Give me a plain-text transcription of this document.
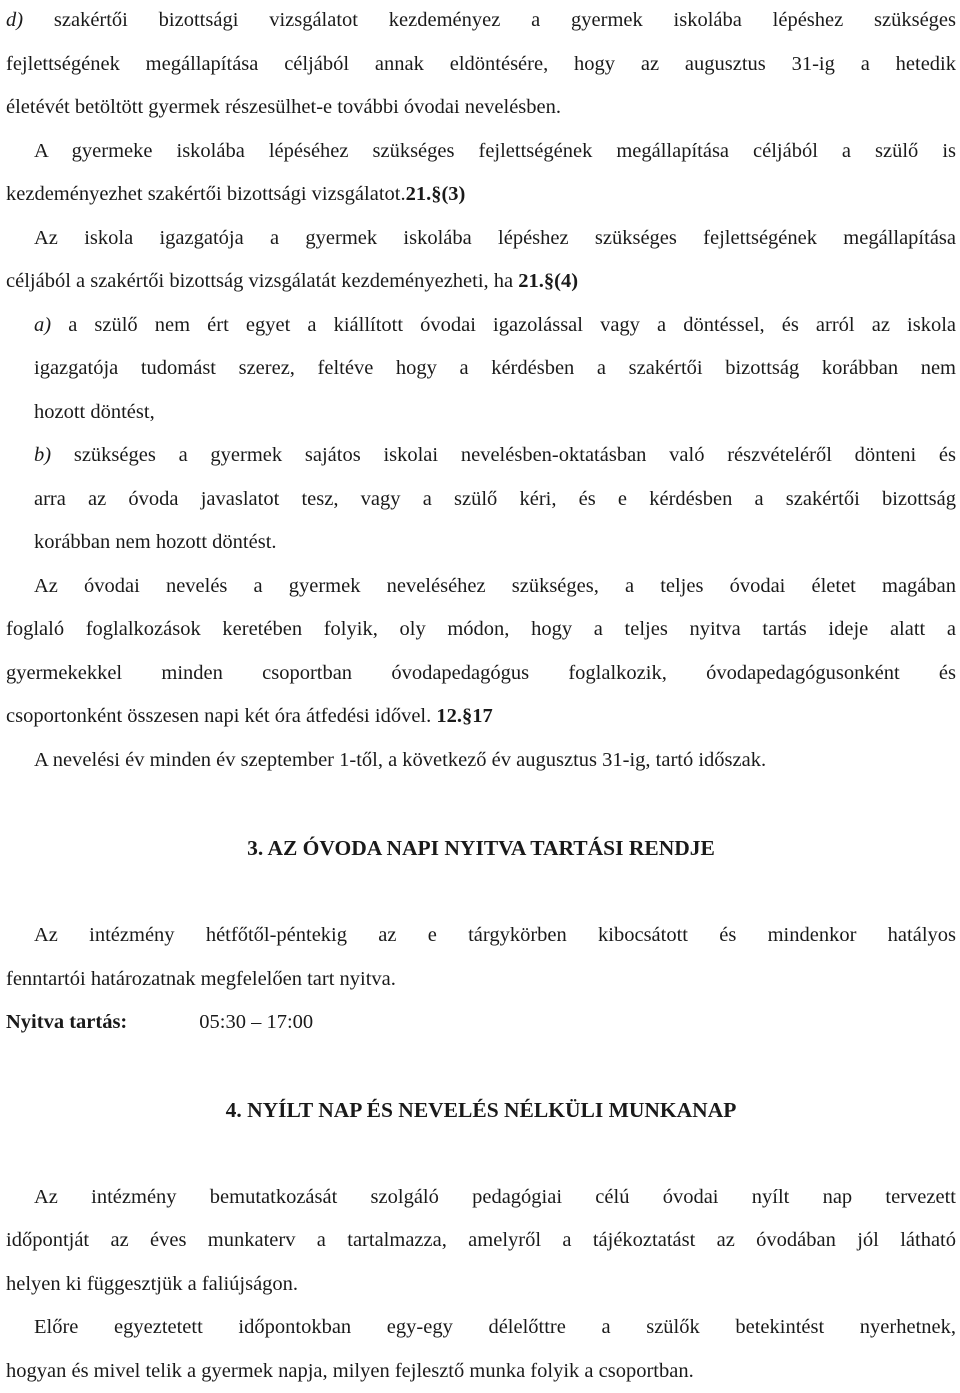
d) szakértői bizottsági vizsgálatot kezdeményez a gyermek iskolába lépéshez szükséges
fejlettségének megállapítása céljából annak eldöntésére, hogy az augusztus 31-ig a hetedik
életévét betöltött gyermek részesülhet-e további óvodai nevelésben.

A gyermeke iskolába lépéséhez szükséges fejlettségének megállapítása céljából a szülő is
kezdeményezhet szakértői bizottsági vizsgálatot.21.§(3)

Az iskola igazgatója a gyermek iskolába lépéshez szükséges fejlettségének megállapítása
céljából a szakértői bizottság vizsgálatát kezdeményezheti, ha 21.§(4)

a) a szülő nem ért egyet a kiállított óvodai igazolással vagy a döntéssel, és arról az iskola
igazgatója tudomást szerez, feltéve hogy a kérdésben a szakértői bizottság korábban nem
hozott döntést,

b) szükséges a gyermek sajátos iskolai nevelésben-oktatásban való részvételéről dönteni és
arra az óvoda javaslatot tesz, vagy a szülő kéri, és e kérdésben a szakértői bizottság
korábban nem hozott döntést.

Az óvodai nevelés a gyermek neveléséhez szükséges, a teljes óvodai életet magában
foglaló foglalkozások keretében folyik, oly módon, hogy a teljes nyitva tartás ideje alatt a
gyermekekkel minden csoportban óvodapedagógus foglalkozik, óvodapedagógusonként és
csoportonként összesen napi két óra átfedési idővel. 12.§17

A nevelési év minden év szeptember 1-től, a következő év augusztus 31-ig, tartó időszak.

3. AZ ÓVODA NAPI NYITVA TARTÁSI RENDJE

Az intézmény hétfőtől-péntekig az e tárgykörben kibocsátott és mindenkor hatályos
fenntartói határozatnak megfelelően tart nyitva.

Nyitva tartás:	05:30 – 17:00
4. NYÍLT NAP ÉS NEVELÉS NÉLKÜLI MUNKANAP

Az intézmény bemutatkozását szolgáló pedagógiai célú óvodai nyílt nap tervezett
időpontját az éves munkaterv a tartalmazza, amelyről a tájékoztatást az óvodában jól látható
helyen ki függesztjük a faliújságon.

Előre egyeztetett időpontokban egy-egy délelőttre a szülők betekintést nyerhetnek,
hogyan és mivel telik a gyermek napja, milyen fejlesztő munka folyik a csoportban.
